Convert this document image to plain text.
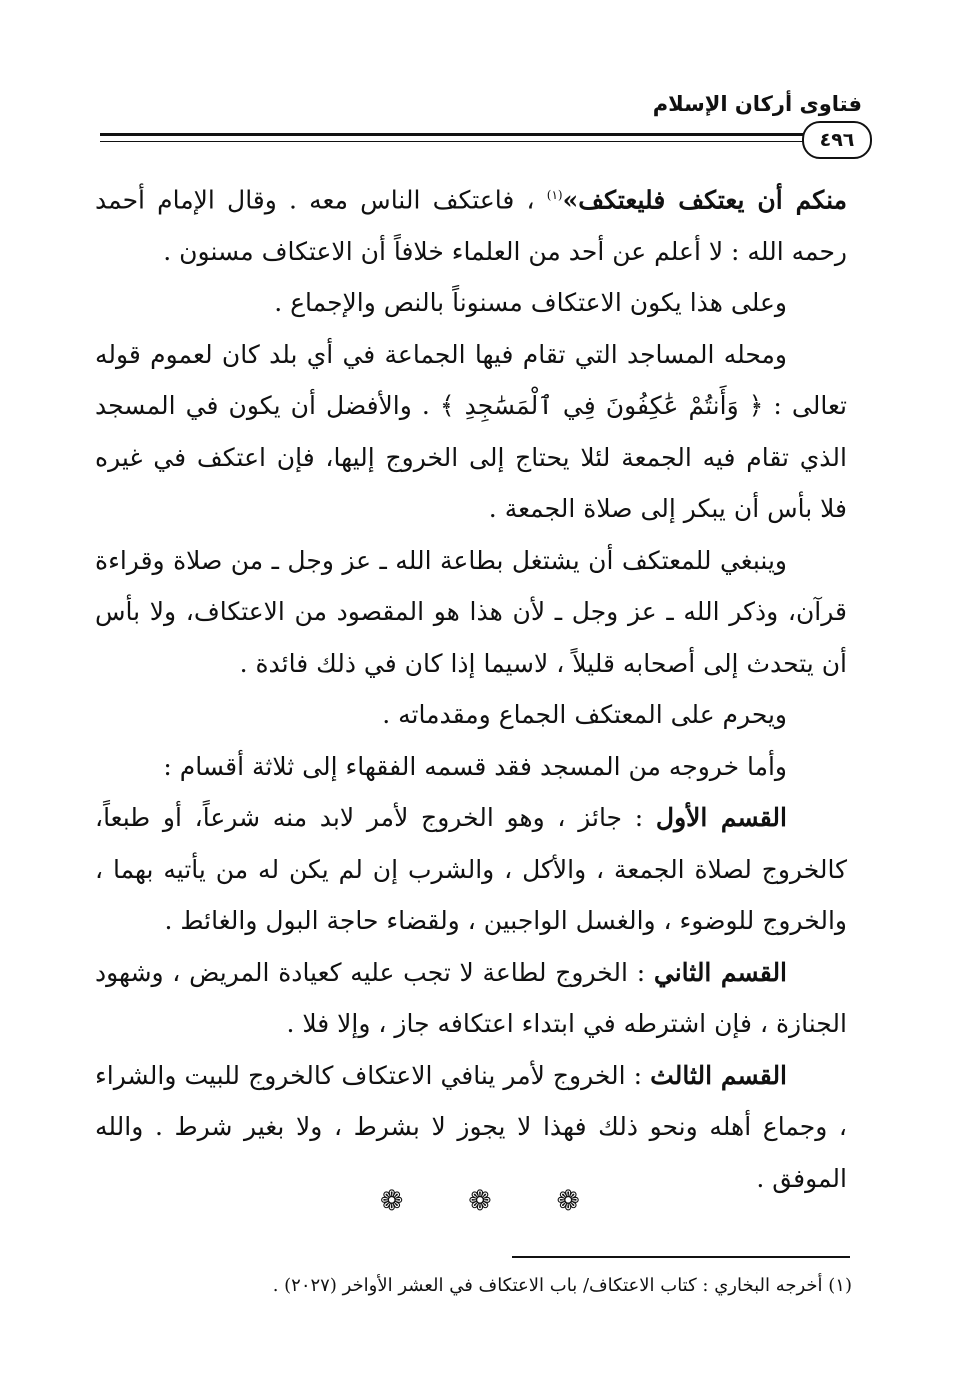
فتاوى أركان الإسلام
٤٩٦

منكم أن يعتكف فليعتكف»$^{(١)}$ ، فاعتكف الناس معه . وقال الإمام أحمد رحمه الله : لا أعلم عن أحد من العلماء خلافاً أن الاعتكاف مسنون .

وعلى هذا يكون الاعتكاف مسنوناً بالنص والإجماع .

ومحله المساجد التي تقام فيها الجماعة في أي بلد كان لعموم قوله تعالى : ﴿ وَأَنتُمْ عَٰكِفُونَ فِي ٱلْمَسَٰجِدِ ﴾ . والأفضل أن يكون في المسجد الذي تقام فيه الجمعة لئلا يحتاج إلى الخروج إليها، فإن اعتكف في غيره فلا بأس أن يبكر إلى صلاة الجمعة .

وينبغي للمعتكف أن يشتغل بطاعة الله ـ عز وجل ـ من صلاة وقراءة قرآن، وذكر الله ـ عز وجل ـ لأن هذا هو المقصود من الاعتكاف، ولا بأس أن يتحدث إلى أصحابه قليلاً ، لاسيما إذا كان في ذلك فائدة .

ويحرم على المعتكف الجماع ومقدماته .

وأما خروجه من المسجد فقد قسمه الفقهاء إلى ثلاثة أقسام :

القسم الأول : جائز ، وهو الخروج لأمر لابد منه شرعاً، أو طبعاً، كالخروج لصلاة الجمعة ، والأكل ، والشرب إن لم يكن له من يأتيه بهما ، والخروج للوضوء ، والغسل الواجبين ، ولقضاء حاجة البول والغائط .

القسم الثاني : الخروج لطاعة لا تجب عليه كعيادة المريض ، وشهود الجنازة ، فإن اشترطه في ابتداء اعتكافه جاز ، وإلا فلا .

القسم الثالث : الخروج لأمر ينافي الاعتكاف كالخروج للبيت والشراء ، وجماع أهله ونحو ذلك فهذا لا يجوز لا بشرط ، ولا بغير شرط . والله الموفق .

❁ ❁ ❁
(١) أخرجه البخاري : كتاب الاعتكاف/ باب الاعتكاف في العشر الأواخر (٢٠٢٧) .
